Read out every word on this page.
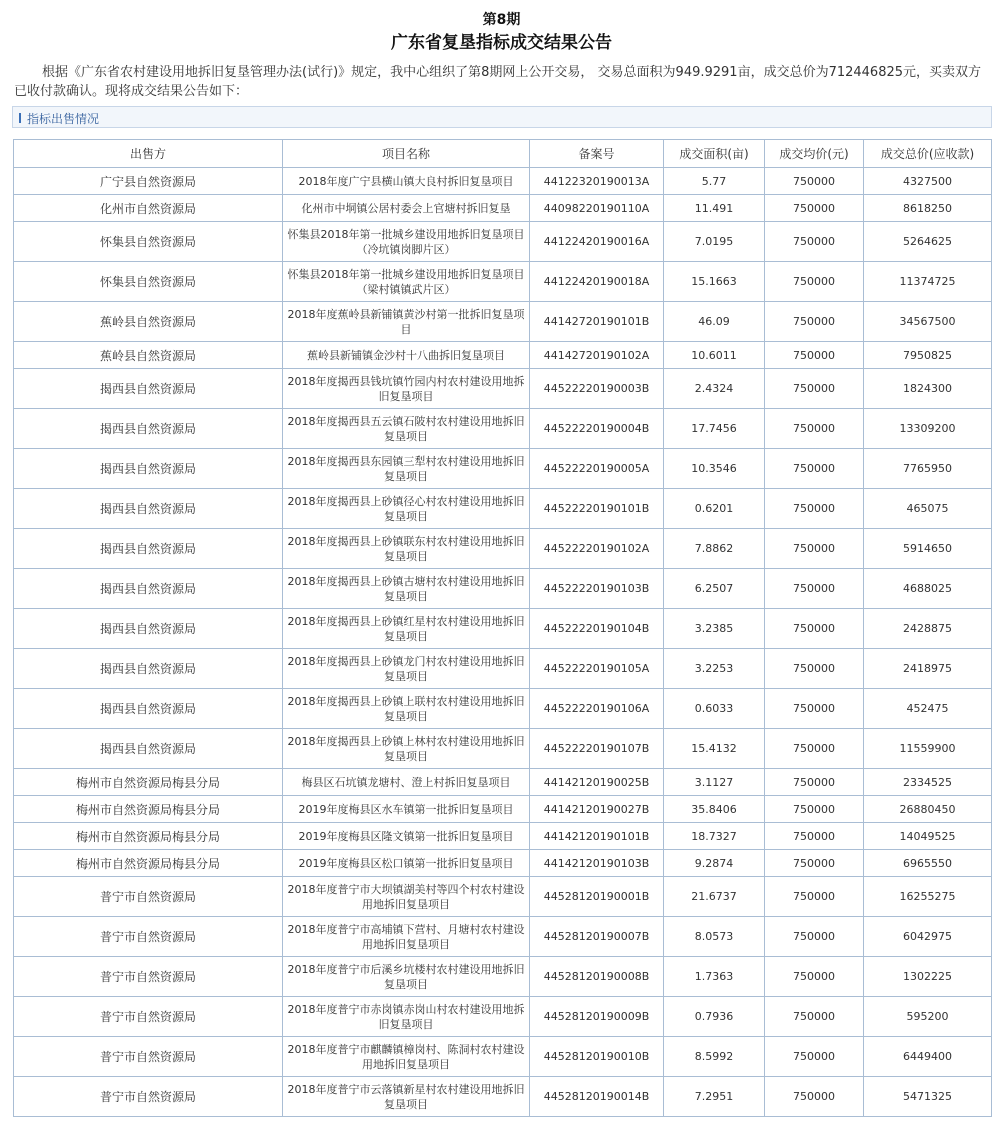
第8期
广东省复垦指标成交结果公告
根据《广东省农村建设用地拆旧复垦管理办法(试行)》规定，我中心组织了第8期网上公开交易， 交易总面积为949.9291亩，成交总价为712446825元，买卖双方已收付款确认。现将成交结果公告如下：
指标出售情况
出售方	项目名称	备案号	成交面积(亩)	成交均价(元)	成交总价(应收款)
广宁县自然资源局	2018年度广宁县横山镇大良村拆旧复垦项目	44122320190013A	5.77	750000	4327500
化州市自然资源局	化州市中垌镇公居村委会上官塘村拆旧复垦	44098220190110A	11.491	750000	8618250
怀集县自然资源局	怀集县2018年第一批城乡建设用地拆旧复垦项目（冷坑镇岗脚片区）	44122420190016A	7.0195	750000	5264625
怀集县自然资源局	怀集县2018年第一批城乡建设用地拆旧复垦项目（梁村镇镇武片区）	44122420190018A	15.1663	750000	11374725
蕉岭县自然资源局	2018年度蕉岭县新铺镇黄沙村第一批拆旧复垦项目	44142720190101B	46.09	750000	34567500
蕉岭县自然资源局	蕉岭县新铺镇金沙村十八曲拆旧复垦项目	44142720190102A	10.6011	750000	7950825
揭西县自然资源局	2018年度揭西县钱坑镇竹园内村农村建设用地拆旧复垦项目	44522220190003B	2.4324	750000	1824300
揭西县自然资源局	2018年度揭西县五云镇石陂村农村建设用地拆旧复垦项目	44522220190004B	17.7456	750000	13309200
揭西县自然资源局	2018年度揭西县东园镇三犁村农村建设用地拆旧复垦项目	44522220190005A	10.3546	750000	7765950
揭西县自然资源局	2018年度揭西县上砂镇径心村农村建设用地拆旧复垦项目	44522220190101B	0.6201	750000	465075
揭西县自然资源局	2018年度揭西县上砂镇联东村农村建设用地拆旧复垦项目	44522220190102A	7.8862	750000	5914650
揭西县自然资源局	2018年度揭西县上砂镇古塘村农村建设用地拆旧复垦项目	44522220190103B	6.2507	750000	4688025
揭西县自然资源局	2018年度揭西县上砂镇红星村农村建设用地拆旧复垦项目	44522220190104B	3.2385	750000	2428875
揭西县自然资源局	2018年度揭西县上砂镇龙门村农村建设用地拆旧复垦项目	44522220190105A	3.2253	750000	2418975
揭西县自然资源局	2018年度揭西县上砂镇上联村农村建设用地拆旧复垦项目	44522220190106A	0.6033	750000	452475
揭西县自然资源局	2018年度揭西县上砂镇上林村农村建设用地拆旧复垦项目	44522220190107B	15.4132	750000	11559900
梅州市自然资源局梅县分局	梅县区石坑镇龙塘村、澄上村拆旧复垦项目	44142120190025B	3.1127	750000	2334525
梅州市自然资源局梅县分局	2019年度梅县区水车镇第一批拆旧复垦项目	44142120190027B	35.8406	750000	26880450
梅州市自然资源局梅县分局	2019年度梅县区隆文镇第一批拆旧复垦项目	44142120190101B	18.7327	750000	14049525
梅州市自然资源局梅县分局	2019年度梅县区松口镇第一批拆旧复垦项目	44142120190103B	9.2874	750000	6965550
普宁市自然资源局	2018年度普宁市大坝镇湖美村等四个村农村建设用地拆旧复垦项目	44528120190001B	21.6737	750000	16255275
普宁市自然资源局	2018年度普宁市高埔镇下营村、月塘村农村建设用地拆旧复垦项目	44528120190007B	8.0573	750000	6042975
普宁市自然资源局	2018年度普宁市后溪乡坑楼村农村建设用地拆旧复垦项目	44528120190008B	1.7363	750000	1302225
普宁市自然资源局	2018年度普宁市赤岗镇赤岗山村农村建设用地拆旧复垦项目	44528120190009B	0.7936	750000	595200
普宁市自然资源局	2018年度普宁市麒麟镇樟岗村、陈洞村农村建设用地拆旧复垦项目	44528120190010B	8.5992	750000	6449400
普宁市自然资源局	2018年度普宁市云落镇新星村农村建设用地拆旧复垦项目	44528120190014B	7.2951	750000	5471325
